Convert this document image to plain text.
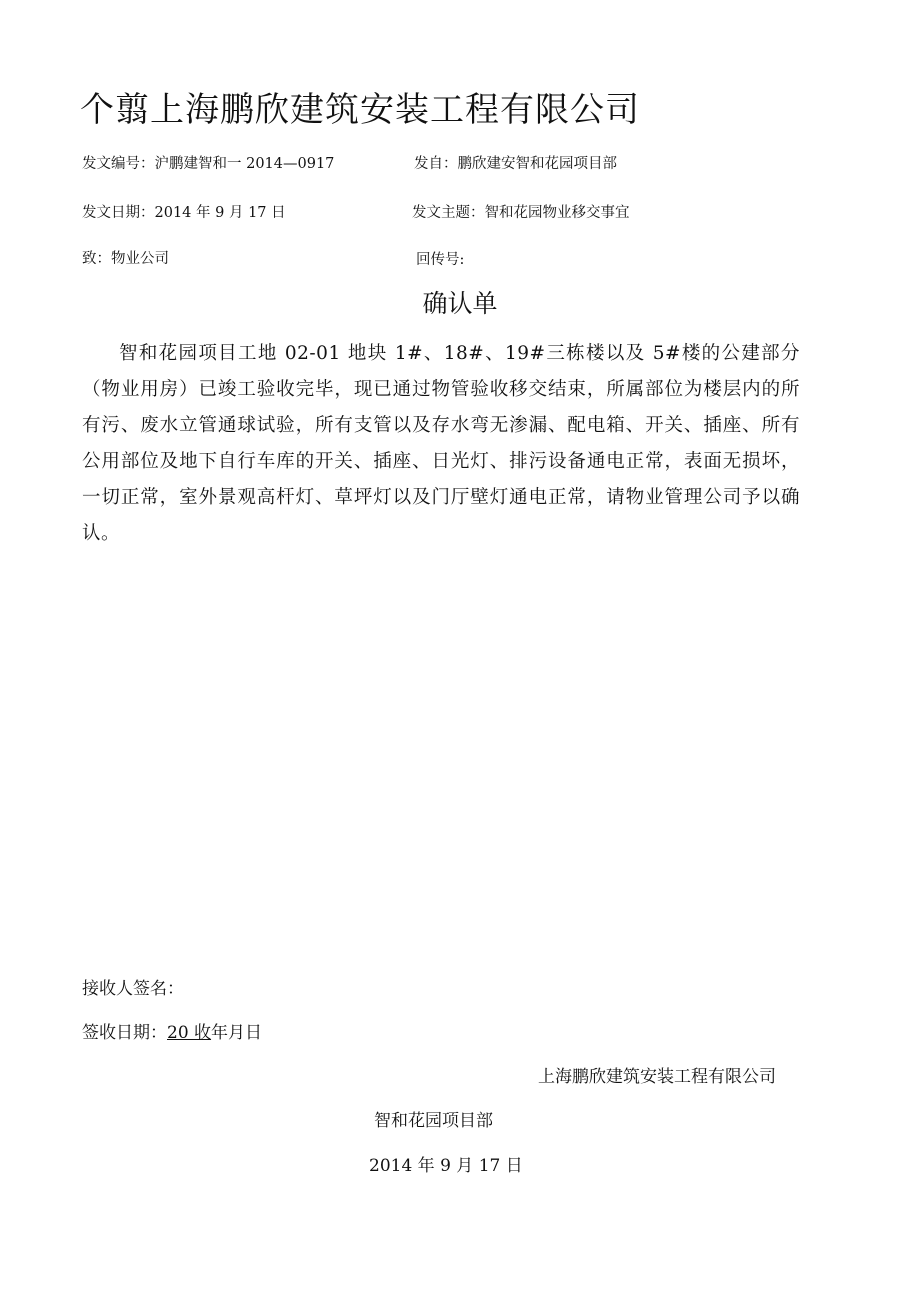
个翦上海鹏欣建筑安装工程有限公司
发文编号：沪鹏建智和一 2014—0917	发自：鹏欣建安智和花园项目部
发文日期：2014 年 9 月 17 日	发文主题：智和花园物业移交事宜
致：物业公司	回传号:
确认单
智和花园项目工地 02-01 地块 1#、18#、19#三栋楼以及 5#楼的公建部分（物业用房）已竣工验收完毕，现已通过物管验收移交结束，所属部位为楼层内的所有污、废水立管通球试验，所有支管以及存水弯无渗漏、配电箱、开关、插座、所有公用部位及地下自行车库的开关、插座、日光灯、排污设备通电正常，表面无损坏，一切正常，室外景观高杆灯、草坪灯以及门厅壁灯通电正常，请物业管理公司予以确认。
接收人签名：
签收日期：20 收年月日
上海鹏欣建筑安装工程有限公司
智和花园项目部
2014 年 9 月 17 日
